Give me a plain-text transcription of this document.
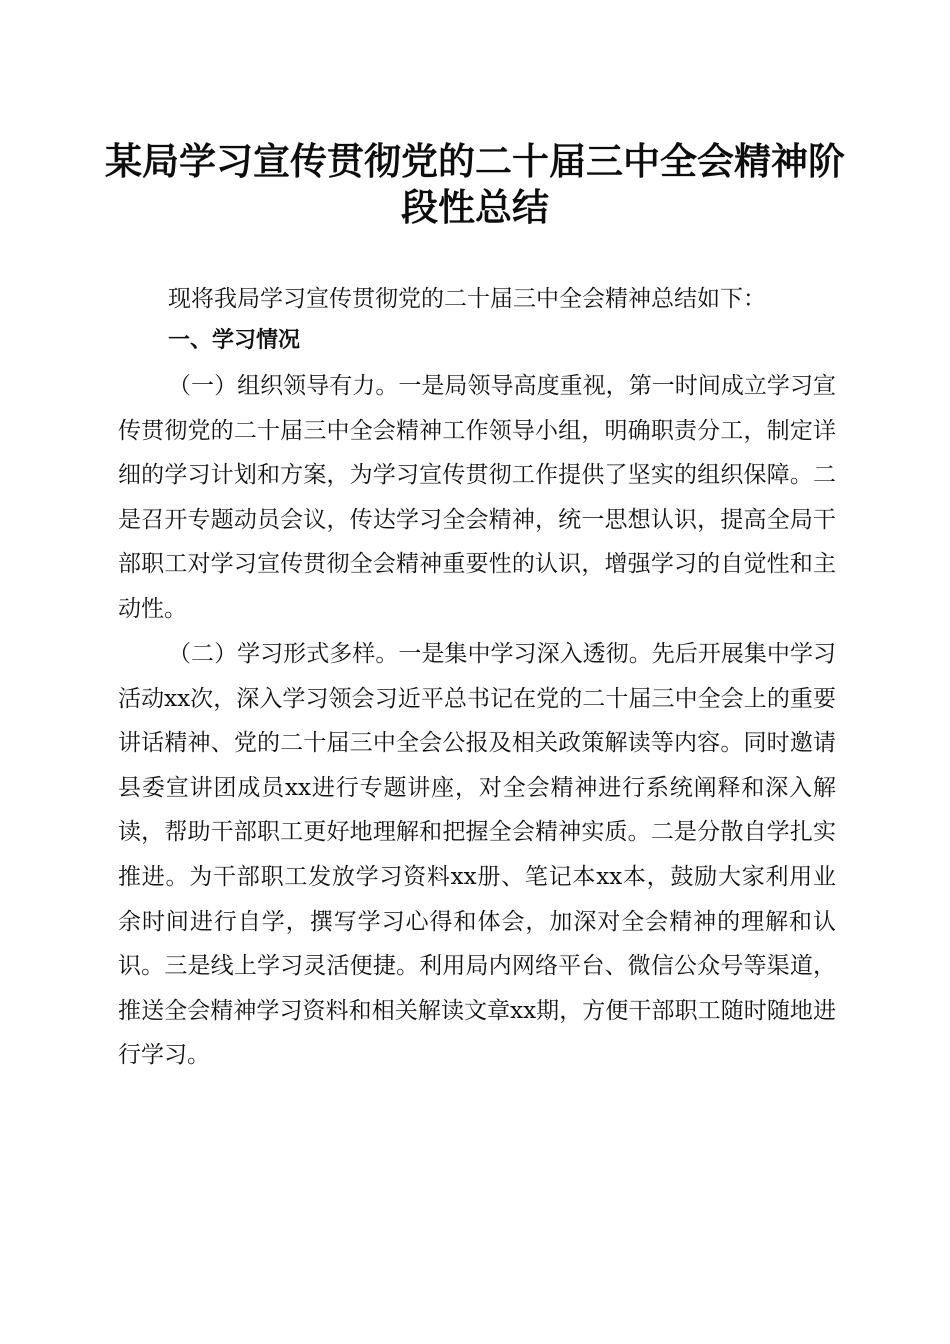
某局学习宣传贯彻党的二十届三中全会精神阶
段性总结

现将我局学习宣传贯彻党的二十届三中全会精神总结如下：

一、学习情况

（一）组织领导有力。一是局领导高度重视，第一时间成立学习宣传贯彻党的二十届三中全会精神工作领导小组，明确职责分工，制定详细的学习计划和方案，为学习宣传贯彻工作提供了坚实的组织保障。二是召开专题动员会议，传达学习全会精神，统一思想认识，提高全局干部职工对学习宣传贯彻全会精神重要性的认识，增强学习的自觉性和主动性。

（二）学习形式多样。一是集中学习深入透彻。先后开展集中学习活动xx次，深入学习领会习近平总书记在党的二十届三中全会上的重要讲话精神、党的二十届三中全会公报及相关政策解读等内容。同时邀请县委宣讲团成员xx进行专题讲座，对全会精神进行系统阐释和深入解读，帮助干部职工更好地理解和把握全会精神实质。二是分散自学扎实推进。为干部职工发放学习资料xx册、笔记本xx本，鼓励大家利用业余时间进行自学，撰写学习心得和体会，加深对全会精神的理解和认识。三是线上学习灵活便捷。利用局内网络平台、微信公众号等渠道，推送全会精神学习资料和相关解读文章xx期，方便干部职工随时随地进行学习。
